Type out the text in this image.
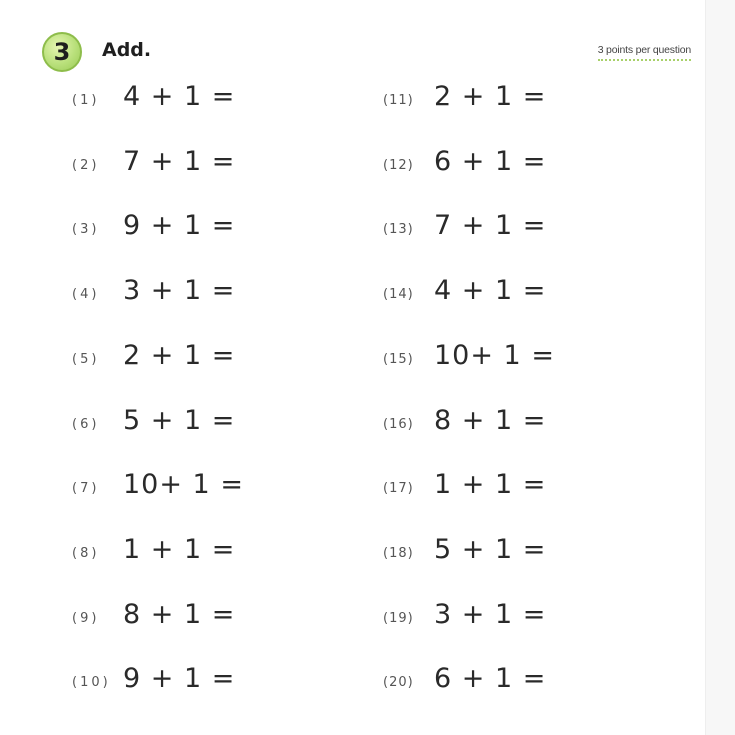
3	Add.	3 points per question
(1) 4 + 1 =
(2) 7 + 1 =
(3) 9 + 1 =
(4) 3 + 1 =
(5) 2 + 1 =
(6) 5 + 1 =
(7) 10+ 1 =
(8) 1 + 1 =
(9) 8 + 1 =
(10) 9 + 1 =
(11) 2 + 1 =
(12) 6 + 1 =
(13) 7 + 1 =
(14) 4 + 1 =
(15) 10+ 1 =
(16) 8 + 1 =
(17) 1 + 1 =
(18) 5 + 1 =
(19) 3 + 1 =
(20) 6 + 1 =
